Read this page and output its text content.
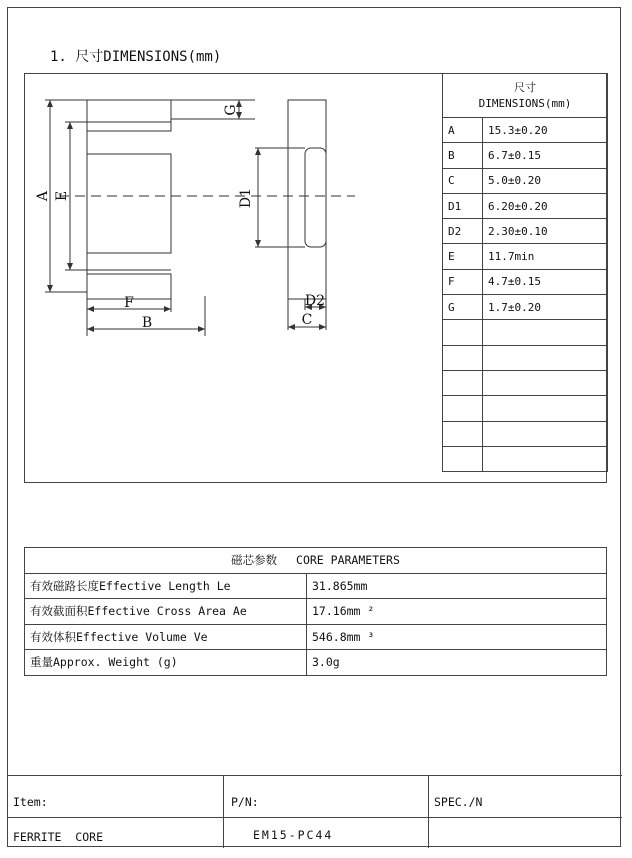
1. 尺寸DIMENSIONS(mm)
A E
G
D1
F
B
D2
C
尺寸
DIMENSIONS(mm)	

A	15.3±0.20
B	6.7±0.15
C	5.0±0.20
D1	6.20±0.20
D2	2.30±0.10
E	11.7min
F	4.7±0.15
G	1.7±0.20

磁芯参数 CORE PARAMETERS	
有效磁路长度Effective Length Le	31.865mm
有效截面积Effective Cross Area Ae	17.16mm ²
有效体积Effective Volume Ve	546.8mm ³
重量Approx. Weight (g)	3.0g
Item:	P/N:	SPEC./N
FERRITE  CORE	EM15-PC44
